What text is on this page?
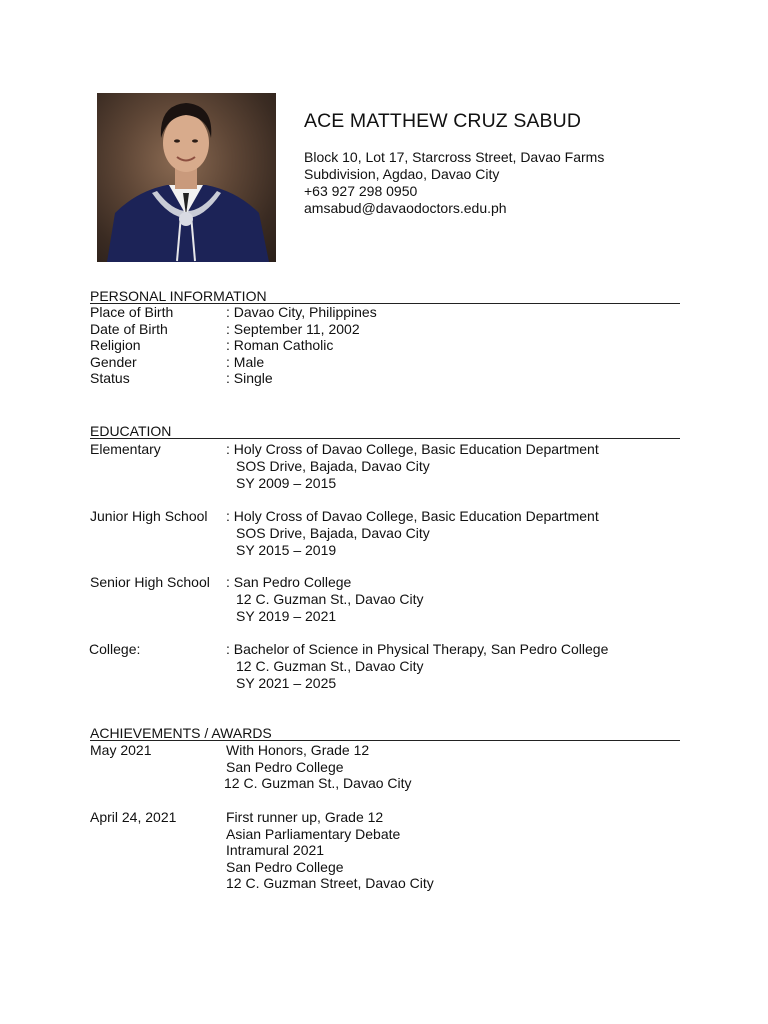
ACE MATTHEW CRUZ SABUD
Block 10, Lot 17, Starcross Street, Davao Farms
Subdivision, Agdao, Davao City
+63 927 298 0950
amsabud@davaodoctors.edu.ph
PERSONAL INFORMATION
Place of Birth	: Davao City, Philippines
Date of Birth	: September 11, 2002
Religion	: Roman Catholic
Gender	: Male
Status	: Single
EDUCATION
Elementary	: Holy Cross of Davao College, Basic Education Department
SOS Drive, Bajada, Davao City
SY 2009 – 2015
Junior High School : Holy Cross of Davao College, Basic Education Department
SOS Drive, Bajada, Davao City
SY 2015 – 2019
Senior High School : San Pedro College
12 C. Guzman St., Davao City
SY 2019 – 2021
College:	: Bachelor of Science in Physical Therapy, San Pedro College
12 C. Guzman St., Davao City
SY 2021 – 2025
ACHIEVEMENTS / AWARDS
May 2021	With Honors, Grade 12
San Pedro College
12 C. Guzman St., Davao City
April 24, 2021	First runner up, Grade 12
Asian Parliamentary Debate
Intramural 2021
San Pedro College
12 C. Guzman Street, Davao City
